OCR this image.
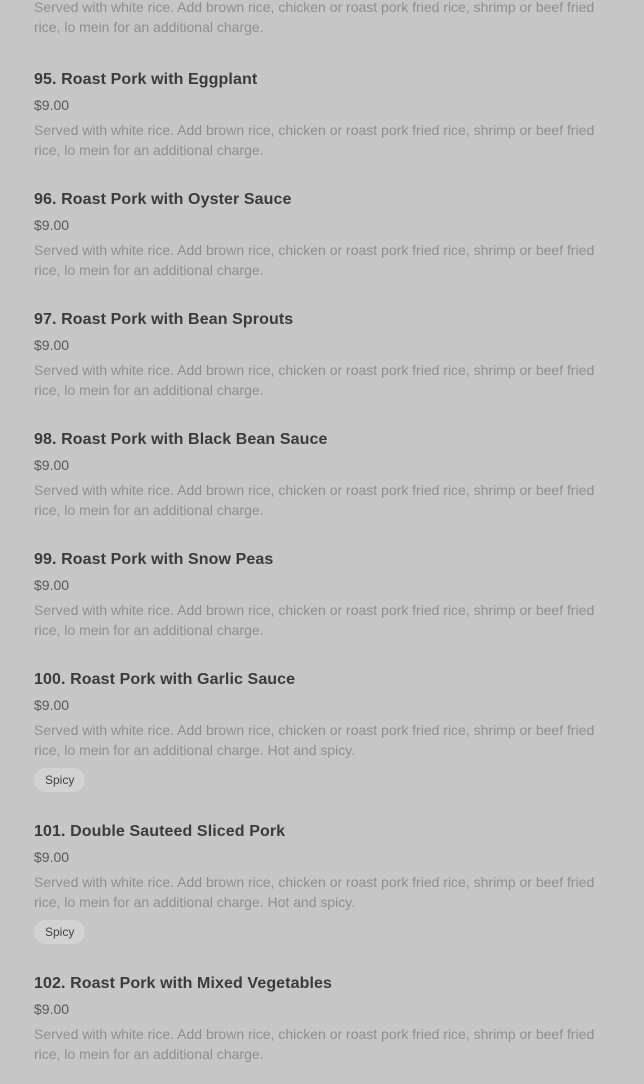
Served with white rice. Add brown rice, chicken or roast pork fried rice, shrimp or beef fried rice, lo mein for an additional charge.

95. Roast Pork with Eggplant
$9.00

Served with white rice. Add brown rice, chicken or roast pork fried rice, shrimp or beef fried rice, lo mein for an additional charge.

96. Roast Pork with Oyster Sauce
$9.00

Served with white rice. Add brown rice, chicken or roast pork fried rice, shrimp or beef fried rice, lo mein for an additional charge.

97. Roast Pork with Bean Sprouts
$9.00

Served with white rice. Add brown rice, chicken or roast pork fried rice, shrimp or beef fried rice, lo mein for an additional charge.

98. Roast Pork with Black Bean Sauce
$9.00

Served with white rice. Add brown rice, chicken or roast pork fried rice, shrimp or beef fried rice, lo mein for an additional charge.

99. Roast Pork with Snow Peas
$9.00

Served with white rice. Add brown rice, chicken or roast pork fried rice, shrimp or beef fried rice, lo mein for an additional charge.

100. Roast Pork with Garlic Sauce
$9.00

Served with white rice. Add brown rice, chicken or roast pork fried rice, shrimp or beef fried rice, lo mein for an additional charge. Hot and spicy.

Spicy
101. Double Sauteed Sliced Pork
$9.00

Served with white rice. Add brown rice, chicken or roast pork fried rice, shrimp or beef fried rice, lo mein for an additional charge. Hot and spicy.

Spicy
102. Roast Pork with Mixed Vegetables
$9.00

Served with white rice. Add brown rice, chicken or roast pork fried rice, shrimp or beef fried rice, lo mein for an additional charge.
